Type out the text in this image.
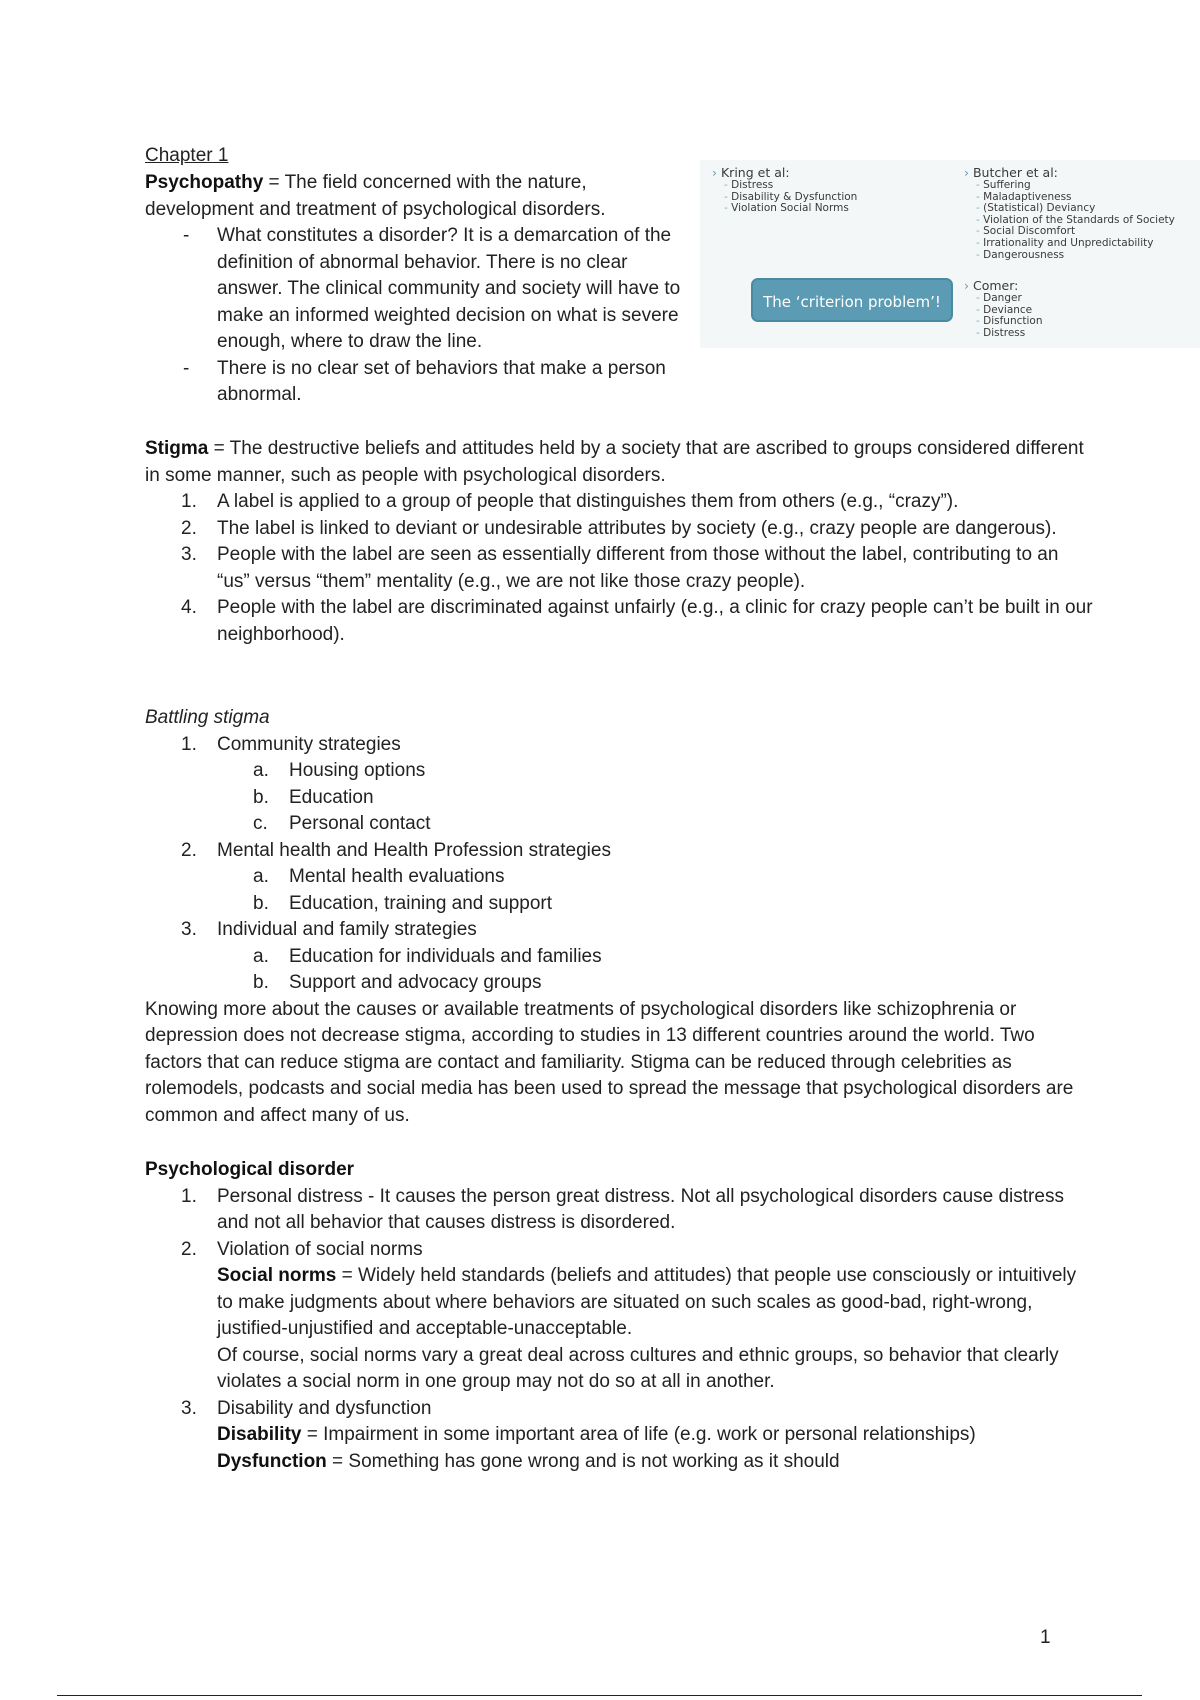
Chapter 1

Psychopathy = The field concerned with the nature, development and treatment of psychological disorders.

- What constitutes a disorder? It is a demarcation of the definition of abnormal behavior. There is no clear answer. The clinical community and society will have to make an informed weighted decision on what is severe enough, where to draw the line.
- There is no clear set of behaviors that make a person abnormal.
› Kring et al:
- Distress
- Disability & Dysfunction
- Violation Social Norms
› Butcher et al:
- Suffering
- Maladaptiveness
- (Statistical) Deviancy
- Violation of the Standards of Society
- Social Discomfort
- Irrationality and Unpredictability
- Dangerousness
› Comer:
- Danger
- Deviance
- Disfunction
- Distress
The ‘criterion problem’!

Stigma = The destructive beliefs and attitudes held by a society that are ascribed to groups considered different in some manner, such as people with psychological disorders.

1. A label is applied to a group of people that distinguishes them from others (e.g., “crazy”).
2. The label is linked to deviant or undesirable attributes by society (e.g., crazy people are dangerous).
3. People with the label are seen as essentially different from those without the label, contributing to an “us” versus “them” mentality (e.g., we are not like those crazy people).
4. People with the label are discriminated against unfairly (e.g., a clinic for crazy people can’t be built in our neighborhood).

Battling stigma

1. Community strategies
a. Housing options
b. Education
c. Personal contact
2. Mental health and Health Profession strategies
a. Mental health evaluations
b. Education, training and support
3. Individual and family strategies
a. Education for individuals and families
b. Support and advocacy groups

Knowing more about the causes or available treatments of psychological disorders like schizophrenia or depression does not decrease stigma, according to studies in 13 different countries around the world. Two factors that can reduce stigma are contact and familiarity. Stigma can be reduced through celebrities as rolemodels, podcasts and social media has been used to spread the message that psychological disorders are common and affect many of us.

Psychological disorder

1. Personal distress - It causes the person great distress. Not all psychological disorders cause distress and not all behavior that causes distress is disordered.
2. Violation of social norms

Social norms = Widely held standards (beliefs and attitudes) that people use consciously or intuitively to make judgments about where behaviors are situated on such scales as good-bad, right-wrong, justified-unjustified and acceptable-unacceptable.

Of course, social norms vary a great deal across cultures and ethnic groups, so behavior that clearly violates a social norm in one group may not do so at all in another.

3. Disability and dysfunction

Disability = Impairment in some important area of life (e.g. work or personal relationships)

Dysfunction = Something has gone wrong and is not working as it should

1
